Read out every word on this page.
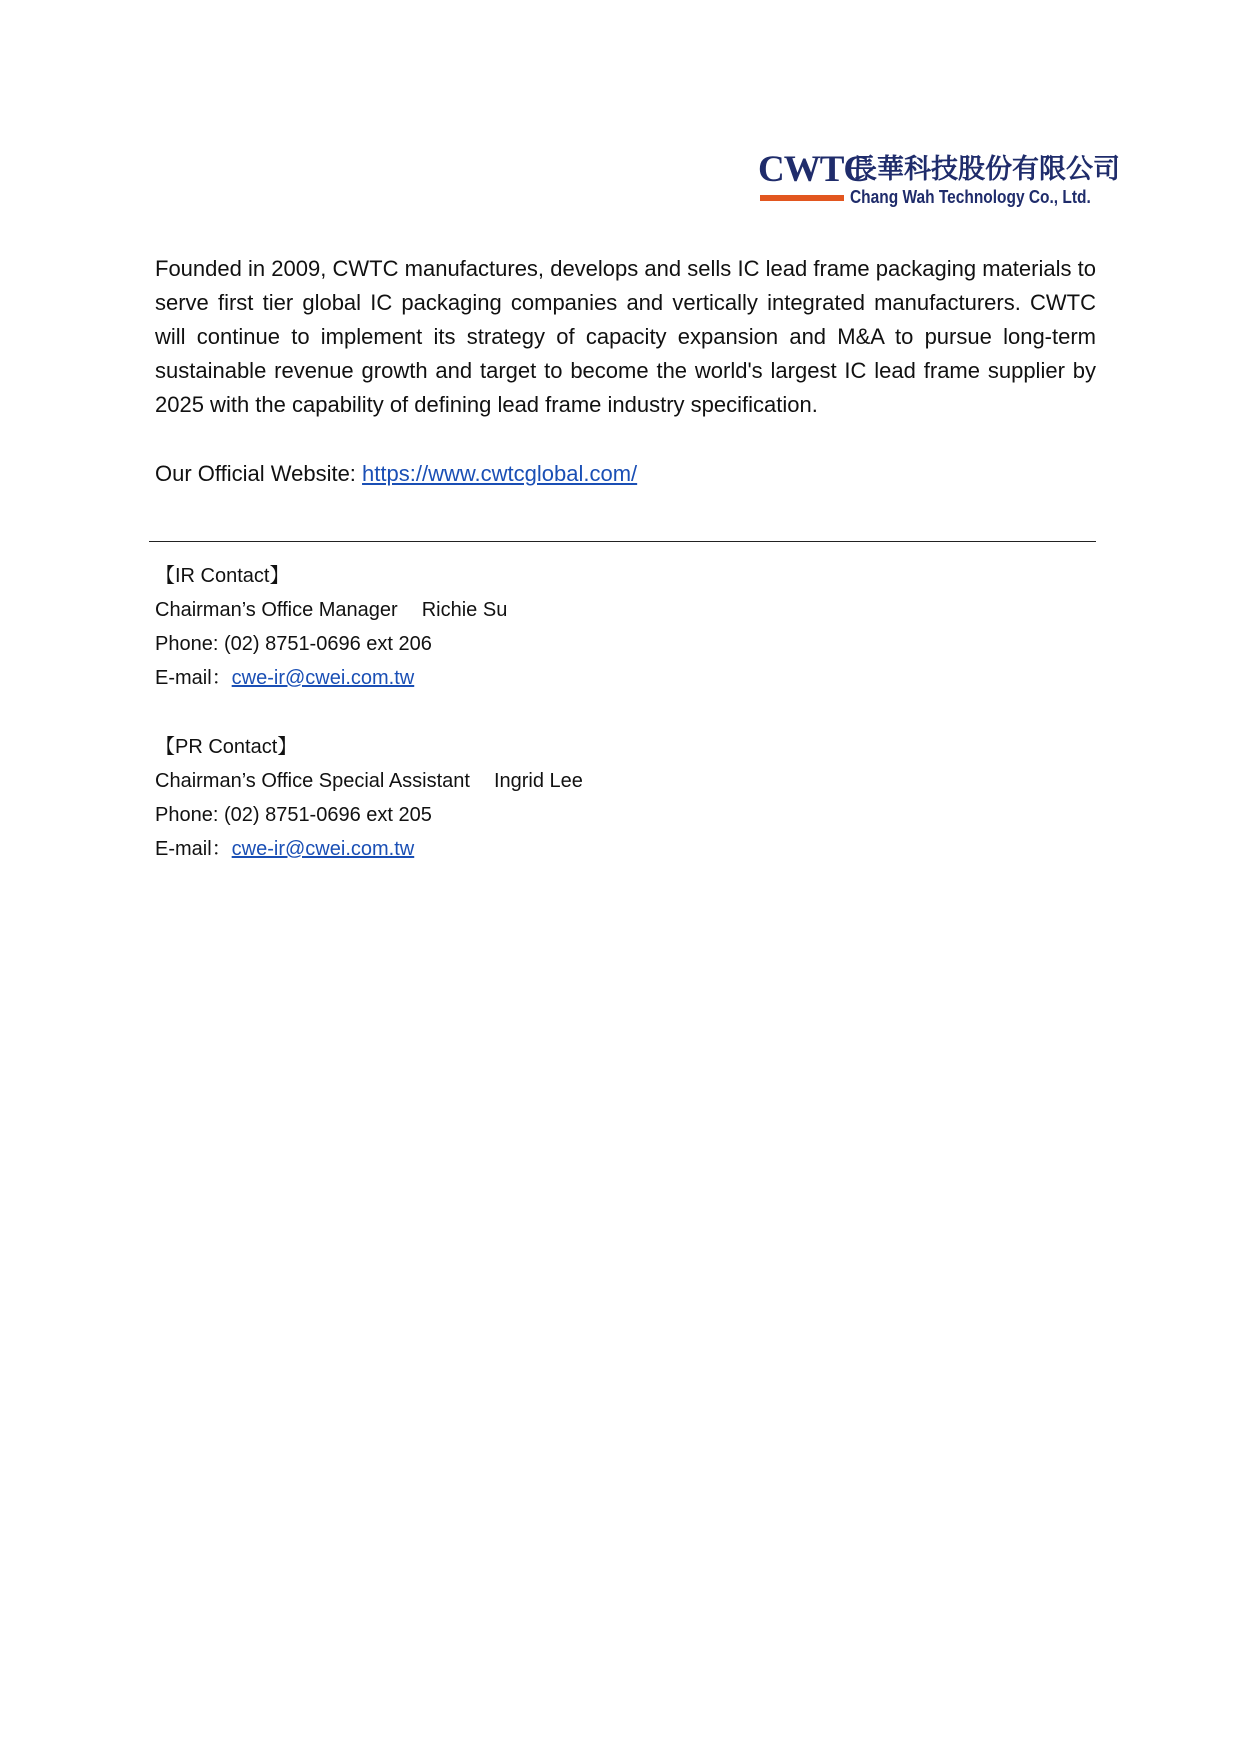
CWTC
長華科技股份有限公司
Chang Wah Technology Co., Ltd.

Founded in 2009, CWTC manufactures, develops and sells IC lead frame packaging materials to serve first tier global IC packaging companies and vertically integrated manufacturers. CWTC will continue to implement its strategy of capacity expansion and M&A to pursue long-term sustainable revenue growth and target to become the world's largest IC lead frame supplier by 2025 with the capability of defining lead frame industry specification.

Our Official Website: https://www.cwtcglobal.com/
【IR Contact】
Chairman’s Office Manager Richie Su
Phone: (02) 8751-0696 ext 206
E-mail：cwe-ir@cwei.com.tw
【PR Contact】
Chairman’s Office Special Assistant Ingrid Lee
Phone: (02) 8751-0696 ext 205
E-mail：cwe-ir@cwei.com.tw
